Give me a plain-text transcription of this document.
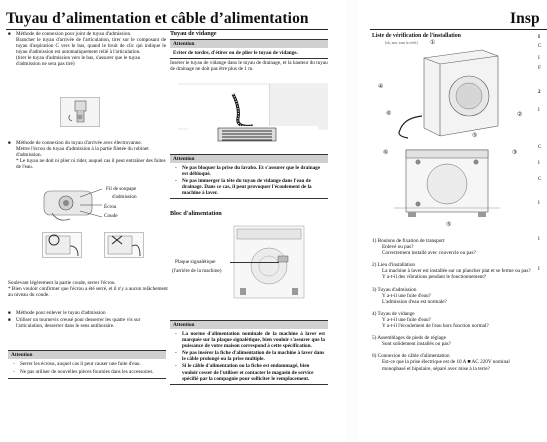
Tuyau d’alimentation et câble d’alimentation
■ Méthode de connexion pour joint de tuyau d'admission.
Brancher le tuyau d'arrivée de l'articulation, tirer sur le composant de tuyau d'aspiration C vers le bas, quand le bruit de clic qui indique le tuyau d'admission est automatiquement relié à l'articulation.
(tirer le tuyau d'admission vers le bas, s'assurer que le tuyau d'admission ne sera pas tiré)
■ Méthode de connexion du tuyau d'arrivée avec électrovanne.
Mettre l'écrou du tuyau d'admission à la partie filetée du robinet d'admission.
* Le tuyau ne doit ni plier ni rider, auquel cas il peut entraîner des fuites de l'eau.
Fil de soupape
d'admission
Écrou
Coude
Soulevant légèrement la partie coude, serrer l'écrou.
* Bien vouloir confirmer que l'écrou a été serré, et il n'y a aucun relâchement au niveau du coude.
■ Méthode pour enlever le tuyau d'admission
■ Utiliser un tournevis creusé pour desserrer les quatre vis sur l'articulation, desserrer dans le sens antihoraire.
Attention
- Serrer les écrous, auquel cas il peut causer une fuite d'eau.
- Ne pas utiliser de nouvelles pièces fournies dans les accessoires.
Tuyau de vidange
Attention
Eviter de tordre, d'étirer ou de plier le tuyau de vidange.
Insérer le tuyau de vidange dans le tuyau de drainage, et la hauteur du tuyau de drainage ne doit pas être plus de 1 m.
Attention
- Ne pas bloquer la prise du lavabo. Et s'assurer que le drainage est débloqué.
- Ne pas immerger la tête du tuyau de vidange dans l'eau de drainage. Dans ce cas, il peut provoquer l'écoulement de la machine à laver.
Bloc d'alimentation
Plaque signalétique
(l'arrière de la machine)
Attention
- La norme d'alimentation nominale de la machine à laver est marquée sur la plaque signalétique, bien vouloir s'assurer que la puissance de votre maison correspond à cette spécification.
- Ne pas insérer la fiche d'alimentation de la machine à laver dans le câble prolongé ou la prise multiple.
- Si le câble d'alimentation ou la fiche est endommagé, bien vouloir cesser de l'utiliser et contacter le magasin de service spécifié par la compagnie pour solliciter le remplacement.
Insp
Liste de vérification de l'installation
(ok, non, sans la vérif.) ①
④
⑥	②
⑤
⑥	③
⑤
1) Boulons de fixation de transport
Enlevé ou pas?
Correctement installé avec couvercle ou pas?
2) Lieu d'installation
La machine à laver est installée sur un plancher plat et se ferme ou pas?
Y a-t-il des vibrations pendant le fonctionnement?
3) Tuyau d'admission
Y a-t-il une fuite d'eau?
L'admission d'eau est normale?
4) Tuyau de vidange
Y a-t-il une fuite d'eau?
Y a-t-il l'écoulement de l'eau hors fonction normal?
5) Assemblages de pieds de réglage
Sont solidement installés ou pas?
6) Connexion de câble d'alimentation
Est-ce que la prise électrique est de 10 A ■ AC 220V nominal monophasé et bipolaire, séparé avec mise à la terre?
I
C
I
F
2
I
C
I
C
I
I
I
